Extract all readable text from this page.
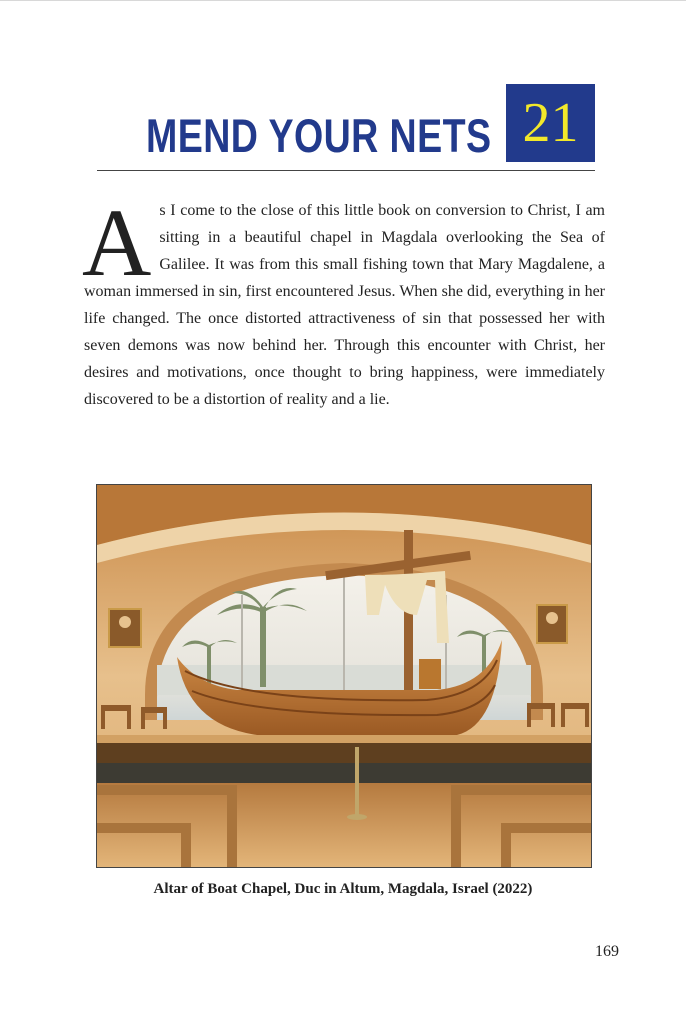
MEND YOUR NETS 21
As I come to the close of this little book on conversion to Christ, I am sitting in a beautiful chapel in Magdala overlooking the Sea of Galilee. It was from this small fishing town that Mary Magdalene, a woman immersed in sin, first encountered Jesus. When she did, everything in her life changed. The once distorted attractiveness of sin that possessed her with seven demons was now behind her. Through this encounter with Christ, her desires and motivations, once thought to bring happiness, were immediately discovered to be a distortion of reality and a lie.
Altar of Boat Chapel, Duc in Altum, Magdala, Israel (2022)
169
